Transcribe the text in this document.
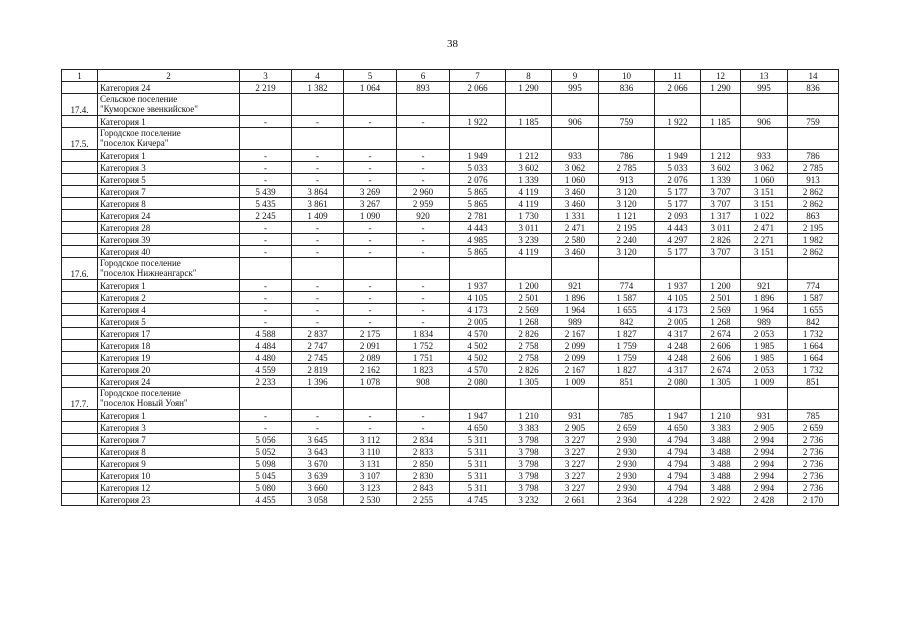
38
1	2	3	4	5	6	7	8	9	10	11	12	13	14
	Категория 24	2 219	1 382	1 064	893	2 066	1 290	995	836	2 066	1 290	995	836
17.4.	Сельское поселение
"Куморское эвенкийское"												

	Категория 1	-	-	-	-	1 922	1 185	906	759	1 922	1 185	906	759
17.5.	Городское поселение
"поселок Кичера"												

	Категория 1	-	-	-	-	1 949	1 212	933	786	1 949	1 212	933	786
	Категория 3	-	-	-	-	5 033	3 602	3 062	2 785	5 033	3 602	3 062	2 785
	Категория 5	-	-	-	-	2 076	1 339	1 060	913	2 076	1 339	1 060	913
	Категория 7	5 439	3 864	3 269	2 960	5 865	4 119	3 460	3 120	5 177	3 707	3 151	2 862
	Категория 8	5 435	3 861	3 267	2 959	5 865	4 119	3 460	3 120	5 177	3 707	3 151	2 862
	Категория 24	2 245	1 409	1 090	920	2 781	1 730	1 331	1 121	2 093	1 317	1 022	863
	Категория 28	-	-	-	-	4 443	3 011	2 471	2 195	4 443	3 011	2 471	2 195
	Категория 39	-	-	-	-	4 985	3 239	2 580	2 240	4 297	2 826	2 271	1 982
	Категория 40	-	-	-	-	5 865	4 119	3 460	3 120	5 177	3 707	3 151	2 862
17.6.	Городское поселение
"поселок Нижнеангарск"												

	Категория 1	-	-	-	-	1 937	1 200	921	774	1 937	1 200	921	774
	Категория 2	-	-	-	-	4 105	2 501	1 896	1 587	4 105	2 501	1 896	1 587
	Категория 4	-	-	-	-	4 173	2 569	1 964	1 655	4 173	2 569	1 964	1 655
	Категория 5	-	-	-	-	2 005	1 268	989	842	2 005	1 268	989	842
	Категория 17	4 588	2 837	2 175	1 834	4 570	2 826	2 167	1 827	4 317	2 674	2 053	1 732
	Категория 18	4 484	2 747	2 091	1 752	4 502	2 758	2 099	1 759	4 248	2 606	1 985	1 664
	Категория 19	4 480	2 745	2 089	1 751	4 502	2 758	2 099	1 759	4 248	2 606	1 985	1 664
	Категория 20	4 559	2 819	2 162	1 823	4 570	2 826	2 167	1 827	4 317	2 674	2 053	1 732
	Категория 24	2 233	1 396	1 078	908	2 080	1 305	1 009	851	2 080	1 305	1 009	851
17.7.	Городское поселение
"поселок Новый Уоян"												

	Категория 1	-	-	-	-	1 947	1 210	931	785	1 947	1 210	931	785
	Категория 3	-	-	-	-	4 650	3 383	2 905	2 659	4 650	3 383	2 905	2 659
	Категория 7	5 056	3 645	3 112	2 834	5 311	3 798	3 227	2 930	4 794	3 488	2 994	2 736
	Категория 8	5 052	3 643	3 110	2 833	5 311	3 798	3 227	2 930	4 794	3 488	2 994	2 736
	Категория 9	5 098	3 670	3 131	2 850	5 311	3 798	3 227	2 930	4 794	3 488	2 994	2 736
	Категория 10	5 045	3 639	3 107	2 830	5 311	3 798	3 227	2 930	4 794	3 488	2 994	2 736
	Категория 12	5 080	3 660	3 123	2 843	5 311	3 798	3 227	2 930	4 794	3 488	2 994	2 736
	Категория 23	4 455	3 058	2 530	2 255	4 745	3 232	2 661	2 364	4 228	2 922	2 428	2 170
